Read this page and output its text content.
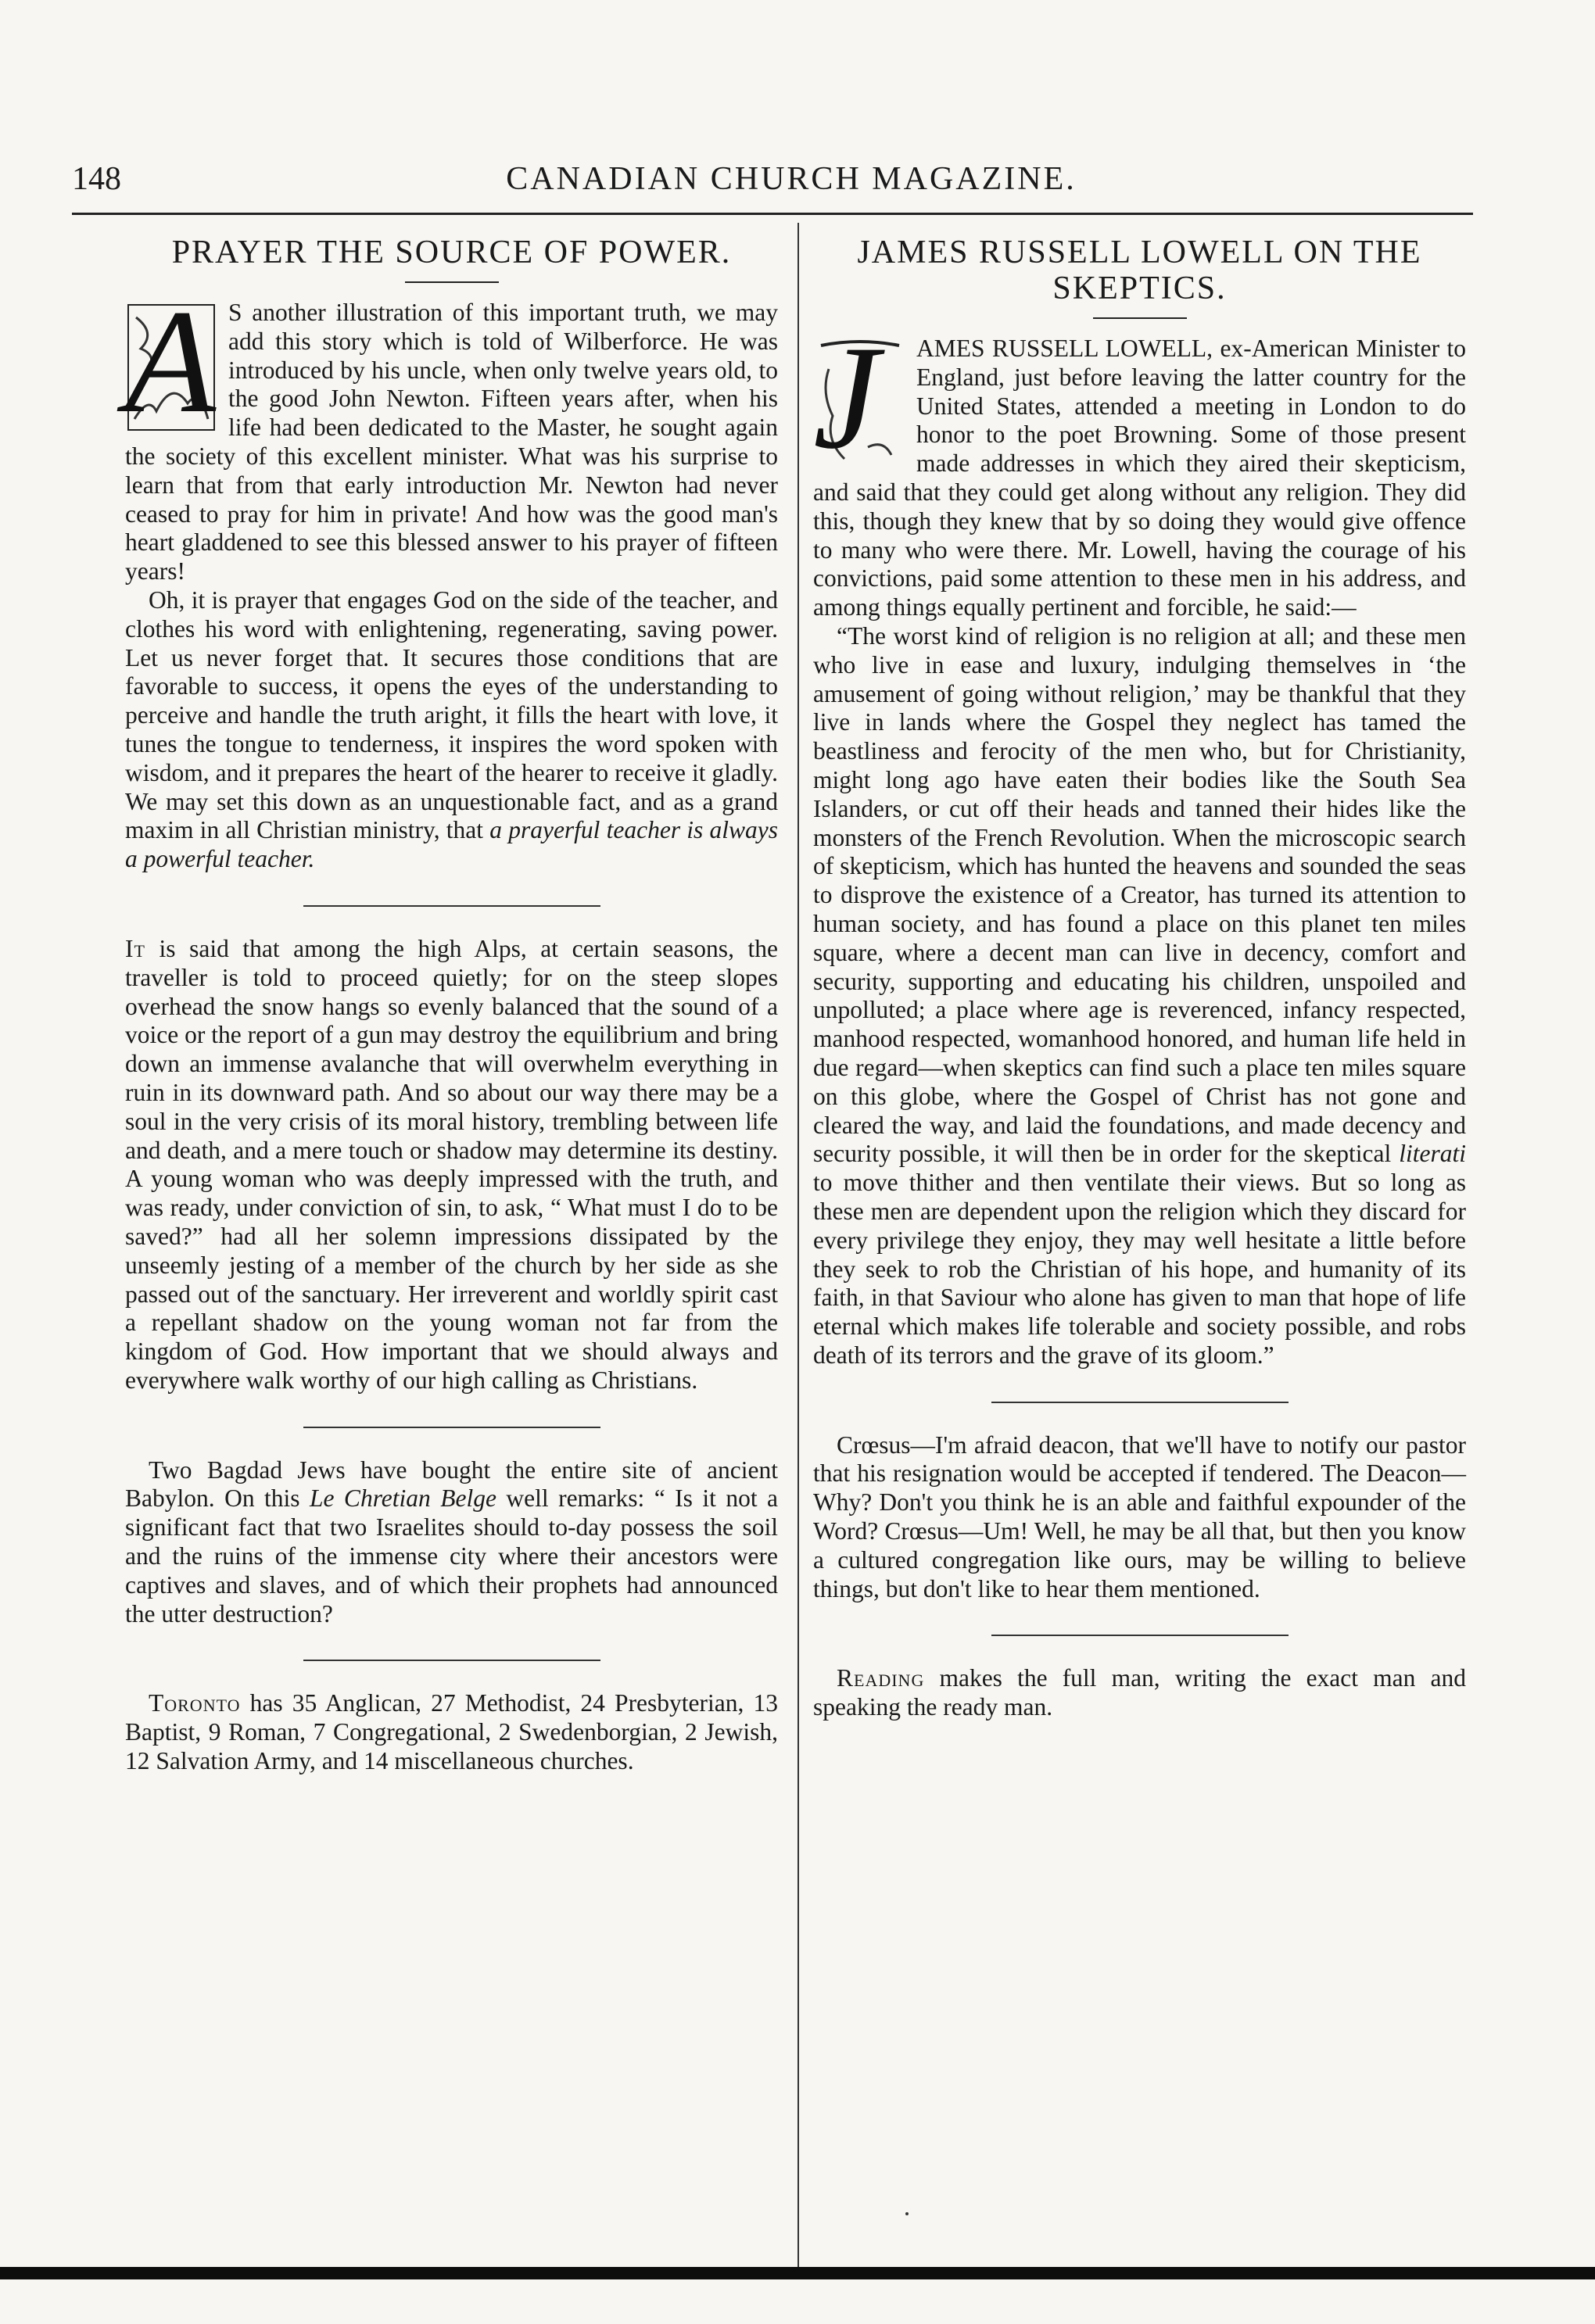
148	CANADIAN CHURCH MAGAZINE.
PRAYER THE SOURCE OF POWER.
A S another illustration of this important truth, we may add this story which is told of Wilberforce. He was introduced by his uncle, when only twelve years old, to the good John Newton. Fifteen years after, when his life had been dedicated to the Master, he sought again the society of this excellent minister. What was his surprise to learn that from that early introduction Mr. Newton had never ceased to pray for him in private! And how was the good man's heart gladdened to see this blessed answer to his prayer of fifteen years!

Oh, it is prayer that engages God on the side of the teacher, and clothes his word with enlightening, regenerating, saving power. Let us never forget that. It secures those conditions that are favorable to success, it opens the eyes of the understanding to perceive and handle the truth aright, it fills the heart with love, it tunes the tongue to tenderness, it inspires the word spoken with wisdom, and it prepares the heart of the hearer to receive it gladly. We may set this down as an unquestionable fact, and as a grand maxim in all Christian ministry, that a prayerful teacher is always a powerful teacher.

It is said that among the high Alps, at certain seasons, the traveller is told to proceed quietly; for on the steep slopes overhead the snow hangs so evenly balanced that the sound of a voice or the report of a gun may destroy the equilibrium and bring down an immense avalanche that will overwhelm everything in ruin in its downward path. And so about our way there may be a soul in the very crisis of its moral history, trembling between life and death, and a mere touch or shadow may determine its destiny. A young woman who was deeply impressed with the truth, and was ready, under conviction of sin, to ask, “ What must I do to be saved?” had all her solemn impressions dissipated by the unseemly jesting of a member of the church by her side as she passed out of the sanctuary. Her irreverent and worldly spirit cast a repellant shadow on the young woman not far from the kingdom of God. How important that we should always and everywhere walk worthy of our high calling as Christians.

Two Bagdad Jews have bought the entire site of ancient Babylon. On this Le Chretian Belge well remarks: “ Is it not a significant fact that two Israelites should to-day possess the soil and the ruins of the immense city where their ancestors were captives and slaves, and of which their prophets had announced the utter destruction?

Toronto has 35 Anglican, 27 Methodist, 24 Presbyterian, 13 Baptist, 9 Roman, 7 Congregational, 2 Swedenborgian, 2 Jewish, 12 Salvation Army, and 14 miscellaneous churches.

JAMES RUSSELL LOWELL ON THE SKEPTICS.
J	AMES RUSSELL LOWELL, ex-American Minister to England, just before leaving the latter country for the United States, attended a meeting in London to do honor to the poet Browning. Some of those present made addresses in which they aired their skepticism, and said that they could get along without any religion. They did this, though they knew that by so doing they would give offence to many who were there. Mr. Lowell, having the courage of his convictions, paid some attention to these men in his address, and among things equally pertinent and forcible, he said:—

“The worst kind of religion is no religion at all; and these men who live in ease and luxury, indulging themselves in ‘the amusement of going without religion,’ may be thankful that they live in lands where the Gospel they neglect has tamed the beastliness and ferocity of the men who, but for Christianity, might long ago have eaten their bodies like the South Sea Islanders, or cut off their heads and tanned their hides like the monsters of the French Revolution. When the microscopic search of skepticism, which has hunted the heavens and sounded the seas to disprove the existence of a Creator, has turned its attention to human society, and has found a place on this planet ten miles square, where a decent man can live in decency, comfort and security, supporting and educating his children, unspoiled and unpolluted; a place where age is reverenced, infancy respected, manhood respected, womanhood honored, and human life held in due regard—when skeptics can find such a place ten miles square on this globe, where the Gospel of Christ has not gone and cleared the way, and laid the foundations, and made decency and security possible, it will then be in order for the skeptical literati to move thither and then ventilate their views. But so long as these men are dependent upon the religion which they discard for every privilege they enjoy, they may well hesitate a little before they seek to rob the Christian of his hope, and humanity of its faith, in that Saviour who alone has given to man that hope of life eternal which makes life tolerable and society possible, and robs death of its terrors and the grave of its gloom.”

Crœsus—I'm afraid deacon, that we'll have to notify our pastor that his resignation would be accepted if tendered. The Deacon—Why? Don't you think he is an able and faithful expounder of the Word? Crœsus—Um! Well, he may be all that, but then you know a cultured congregation like ours, may be willing to believe things, but don't like to hear them mentioned.

Reading makes the full man, writing the exact man and speaking the ready man.
